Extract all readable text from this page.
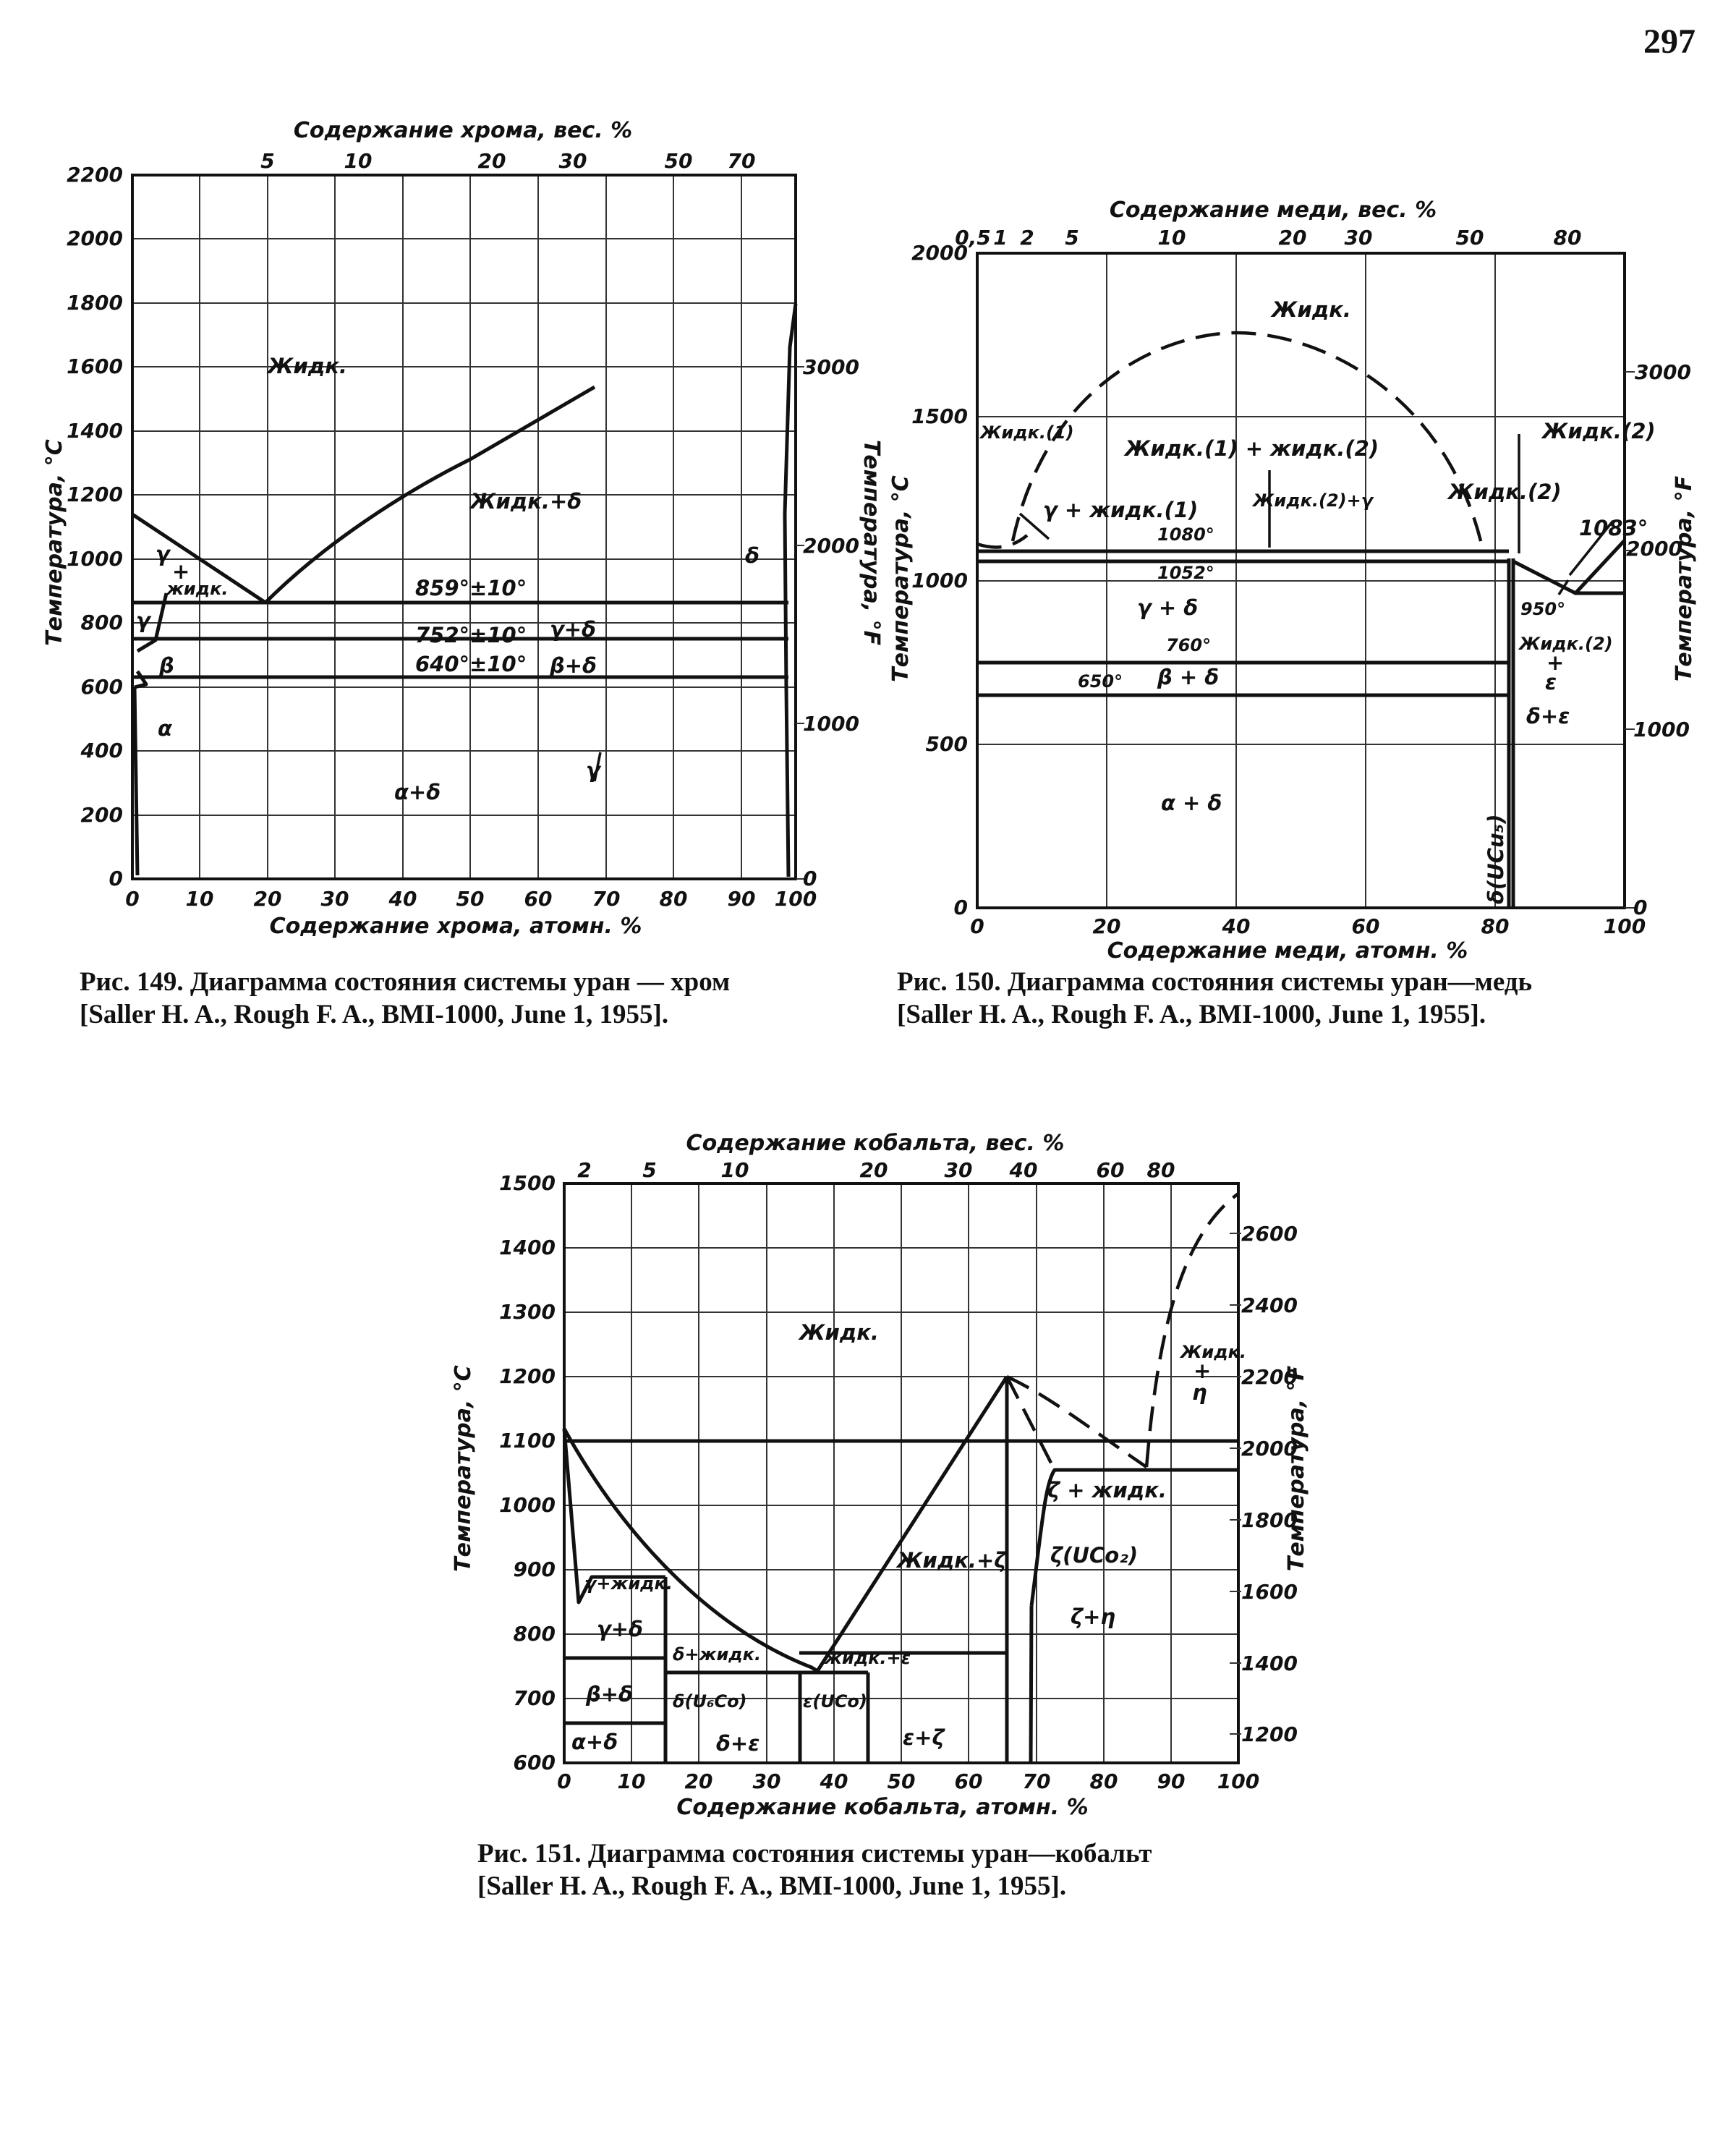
297
Содержание хрома, вес. %
5	10	20	30	50 70
Жидк.
Жидк.+δ
γ
+
жидк.
γ
β
α
859°±10°
752°±10° γ+δ
640°±10° β+δ
α+δ
δ
γ
0
200
400
600
800
1000
1200
1400
1600
1800
2000
2200
Температура, °С
0
1000
2000
3000
Температура, °F
0 10 20 30 40 50 60 70 80 90 100
Содержание хрома, атомн. %
Рис. 149. Диаграмма состояния системы уран — хром
[Saller H. A., Rough F. A., BMI-1000, June 1, 1955].
Содержание меди, вес. %
0,5 1 2 5	10	20 30	50	80
Жидк.
Жидк.(1)
Жидк.(1) + жидк.(2)
Жидк.(2)
γ + жидк.(1)	Жидк.(2)+γ	Жидк.(2)
1083°
1080°
1052°
γ + δ	950°
Жидк.(2)
+
ε
760°
β + δ
650°
δ+ε
α + δ
δ(UCu₅)
0
500
1000
1500
2000
Температура, °С
0
1000
2000
3000
Температура, °F
0	20	40	60	80	100
Содержание меди, атомн. %
Рис. 150. Диаграмма состояния системы уран—медь
[Saller H. A., Rough F. A., BMI-1000, June 1, 1955].
Содержание кобальта, вес. %
2	5	10	20	30 40	60 80
Жидк.
Жидк.
+
η
ζ + жидк.
Жидк.+ζ ζ(UCo₂)
ζ+η
γ+жидк.
γ+δ
δ+жидк.	жидк.+ε
β+δ δ(U₆Co)	ε(UCo)
α+δ	δ+ε	ε+ζ
600
700
800
900
1000
1100
1200
1300
1400
1500
Температура, °С
1200
1400
1600
1800
2000
2200
2400
2600
Температура, °F
0 10 20 30 40 50 60 70 80 90 100
Содержание кобальта, атомн. %
Рис. 151. Диаграмма состояния системы уран—кобальт
[Saller H. A., Rough F. A., BMI-1000, June 1, 1955].
